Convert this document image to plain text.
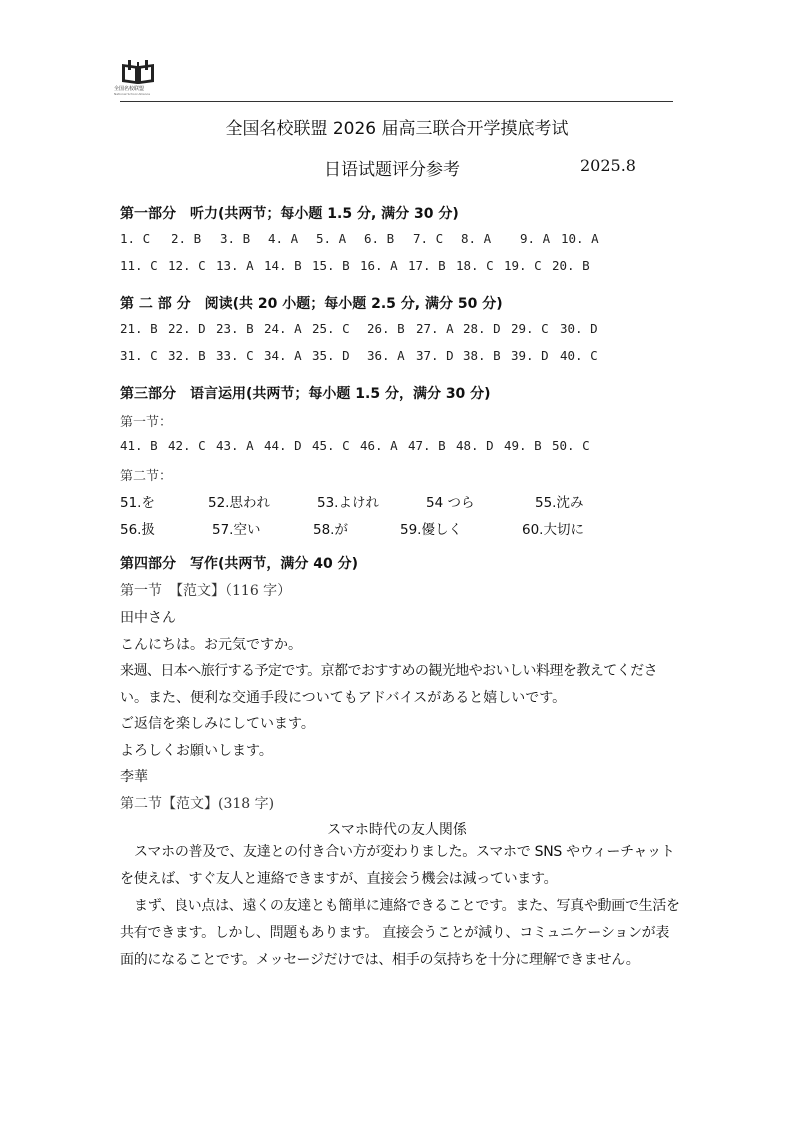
全国名校联盟
National School Alliance
全国名校联盟 2026 届高三联合开学摸底考试
日语试题评分参考	2025.8
第一部分　听力(共两节；每小题 1.5 分, 满分 30 分)
1. C 2. B 3. B 4. A 5. A 6. B 7. C 8. A 9. A 10. A
11. C 12. C 13. A 14. B 15. B 16. A 17. B 18. C 19. C 20. B
第 二 部 分　阅读(共 20 小题；每小题 2.5 分, 满分 50 分)
21. B 22. D 23. B 24. A 25. C 26. B 27. A 28. D 29. C 30. D
31. C 32. B 33. C 34. A 35. D 36. A 37. D 38. B 39. D 40. C
第三部分　语言运用(共两节；每小题 1.5 分，满分 30 分)
第一节：
41. B 42. C 43. A 44. D 45. C 46. A 47. B 48. D 49. B 50. C
第二节：
51.を	52.思われ	53.よけれ	54 つら	55.沈み
56.扱	57.空い	58.が	59.優しく	60.大切に
第四部分　写作(共两节，满分 40 分)
第一节　【范文】（116 字）
田中さん
こんにちは。お元気ですか。
来週、日本へ旅行する予定です。京都でおすすめの観光地やおいしい料理を教えてくださ
い。また、便利な交通手段についてもアドバイスがあると嬉しいです。
ご返信を楽しみにしています。
よろしくお願いします。
李華
第二节【范文】(318 字)
スマホ時代の友人関係
スマホの普及で、友達との付き合い方が変わりました。スマホで SNS やウィーチャットを使えば、すぐ友人と連絡できますが、直接会う機会は減っています。
まず、良い点は、遠くの友達とも簡単に連絡できることです。また、写真や動画で生活を共有できます。しかし、問題もあります。 直接会うことが減り、コミュニケーションが表面的になることです。メッセージだけでは、相手の気持ちを十分に理解できません。
